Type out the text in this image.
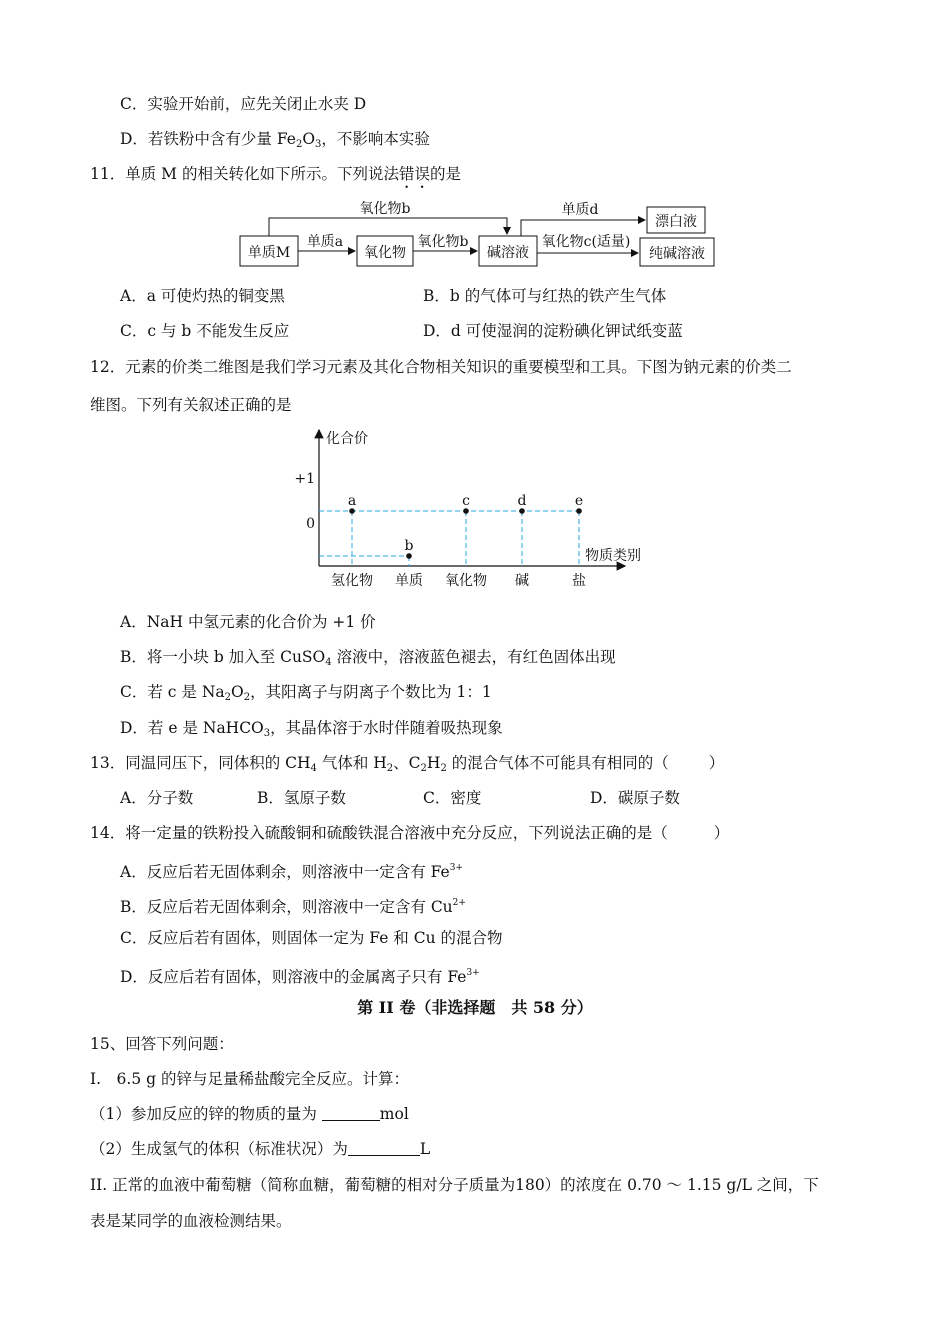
C．实验开始前，应先关闭止水夹 D
D．若铁粉中含有少量 $Fe_2O_3$，不影响本实验
11．单质 M 的相关转化如下所示。下列说法错误的是
单质M	氧化物	碱溶液
漂白液
纯碱溶液
单质a	氧化物b
氧化物b	单质d
氧化物c(适量)
A．a 可使灼热的铜变黑	B．b 的气体可与红热的铁产生气体
C．c 与 b 不能发生反应	D．d 可使湿润的淀粉碘化钾试纸变蓝
12．元素的价类二维图是我们学习元素及其化合物相关知识的重要模型和工具。下图为钠元素的价类二
维图。下列有关叙述正确的是
a
b
c	d	e
化合价
物质类别
+1
0
氢化物 单质 氧化物 碱	盐
A．NaH 中氢元素的化合价为 +1 价
B．将一小块 b 加入至 CuSO$_4$ 溶液中，溶液蓝色褪去，有红色固体出现
C．若 c 是 $Na_2O_2$，其阳离子与阴离子个数比为 1：1
D．若 e 是 NaHCO$_3$，其晶体溶于水时伴随着吸热现象
13．同温同压下，同体积的 $CH_4$ 气体和 $H_2$、$C_2H_2$ 的混合气体不可能具有相同的（	）
A．分子数	B．氢原子数	C．密度	D．碳原子数
14．将一定量的铁粉投入硫酸铜和硫酸铁混合溶液中充分反应，下列说法正确的是（	）
A．反应后若无固体剩余，则溶液中一定含有 $Fe^{3+}$
B．反应后若无固体剩余，则溶液中一定含有 $Cu^{2+}$
C．反应后若有固体，则固体一定为 Fe 和 Cu 的混合物
D．反应后若有固体，则溶液中的金属离子只有 $Fe^{3+}$
第 II 卷（非选择题　共 58 分）
15、回答下列问题：
I.　6.5 g 的锌与足量稀盐酸完全反应。计算：
（1）参加反应的锌的物质的量为	mol
（2）生成氢气的体积（标准状况）为	L
II. 正常的血液中葡萄糖（简称血糖，葡萄糖的相对分子质量为180）的浓度在 0.70 ～ 1.15 g/L 之间，下
表是某同学的血液检测结果。
